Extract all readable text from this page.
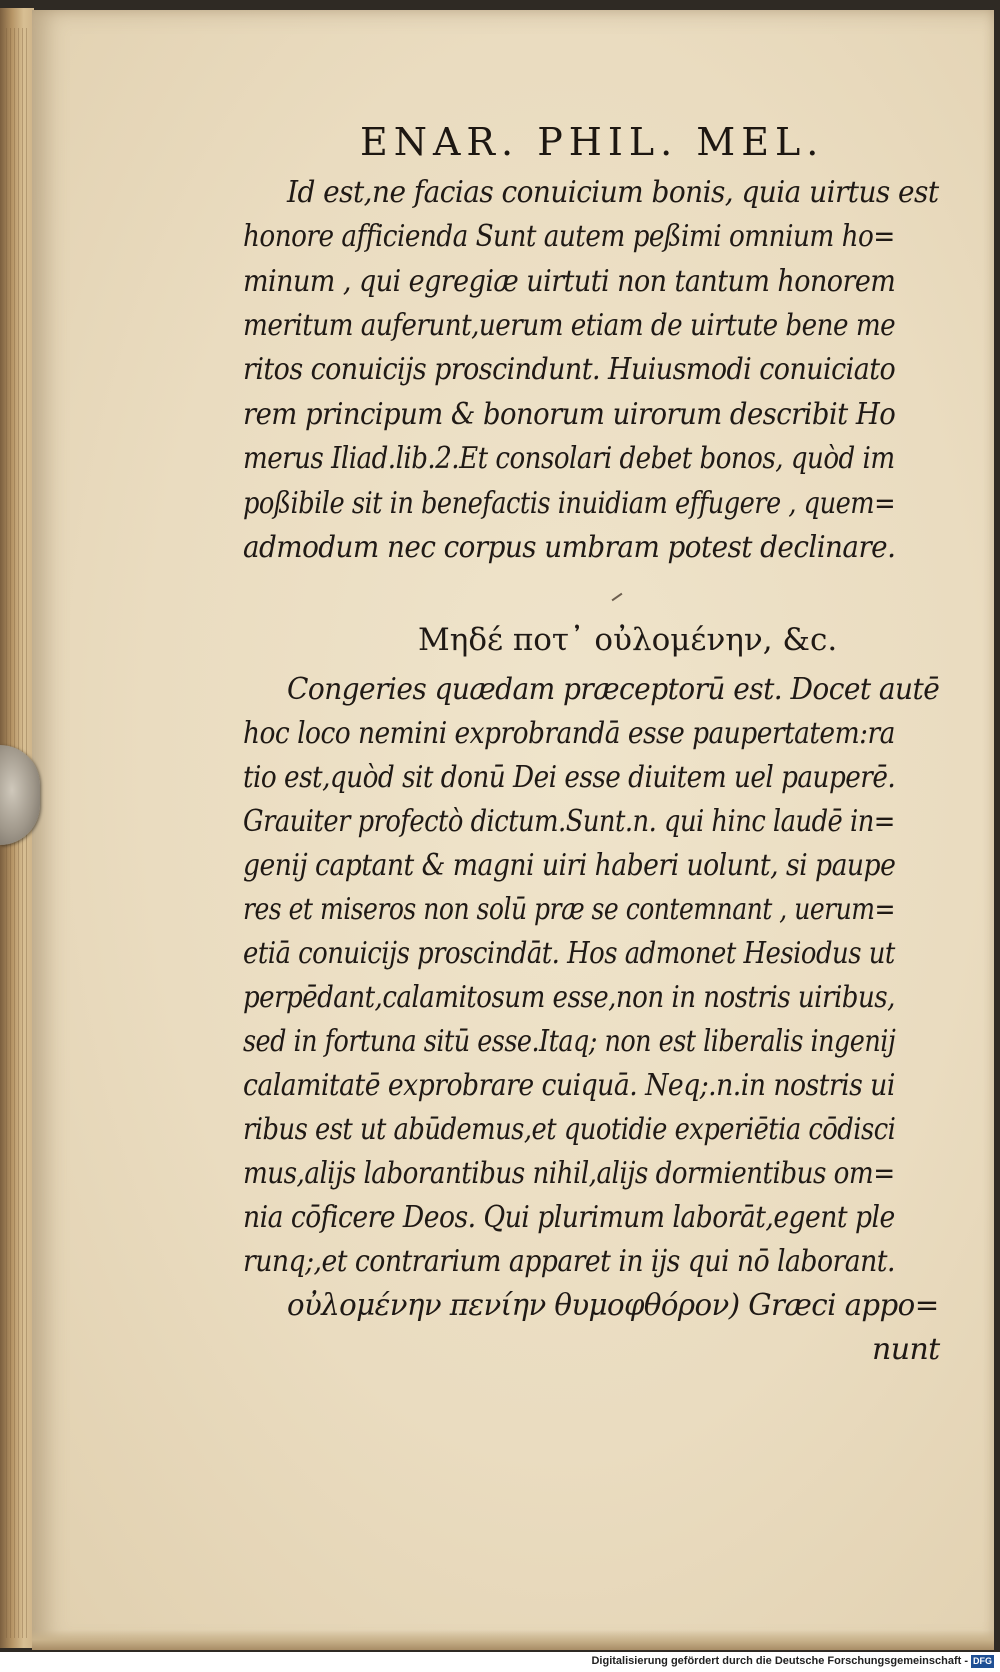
ENAR. PHIL. MEL.
Id est,ne facias conuicium bonis, quia uirtus est
honore afficienda Sunt autem peßimi omnium ho=
minum , qui egregiæ uirtuti non tantum honorem
meritum auferunt,uerum etiam de uirtute bene me
ritos conuicijs proscindunt. Huiusmodi conuiciato
rem principum & bonorum uirorum describit Ho
merus Iliad.lib.2.Et consolari debet bonos, quòd im
poßibile sit in benefactis inuidiam effugere , quem=
admodum nec corpus umbram potest declinare.
Μηδέ ποτ᾽ οὐλομένην, &c.
Congeries quædam præceptorū est. Docet autē
hoc loco nemini exprobrandā esse paupertatem:ra
tio est,quòd sit donū Dei esse diuitem uel pauperē.
Grauiter profectò dictum.Sunt.n. qui hinc laudē in=
genij captant & magni uiri haberi uolunt, si paupe
res et miseros non solū præ se contemnant , uerum=
etiā conuicijs proscindāt. Hos admonet Hesiodus ut
perpēdant,calamitosum esse,non in nostris uiribus,
sed in fortuna sitū esse.Itaq; non est liberalis ingenij
calamitatē exprobrare cuiquā. Neq;.n.in nostris ui
ribus est ut abūdemus,et quotidie experiētia cōdisci
mus,alijs laborantibus nihil,alijs dormientibus om=
nia cōficere Deos. Qui plurimum laborāt,egent ple
runq;,et contrarium apparet in ijs qui nō laborant.
οὐλομένην πενίην θυμοφθόρον) Græci appo=
nunt
Digitalisierung gefördert durch die Deutsche Forschungsgemeinschaft - DFG
